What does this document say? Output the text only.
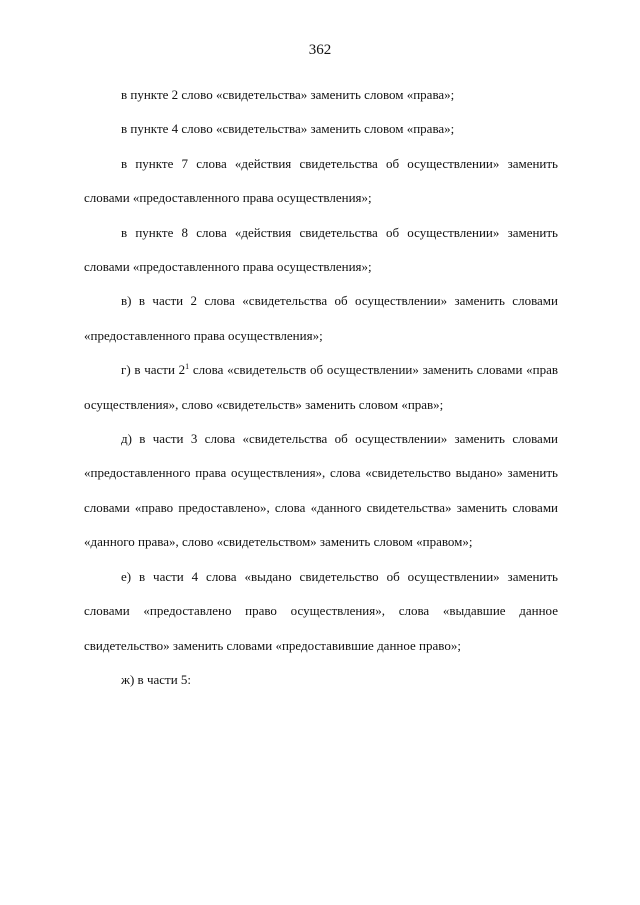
362

в пункте 2 слово «свидетельства» заменить словом «права»;

в пункте 4 слово «свидетельства» заменить словом «права»;

в пункте 7 слова «действия свидетельства об осуществлении» заменить словами «предоставленного права осуществления»;

в пункте 8 слова «действия свидетельства об осуществлении» заменить словами «предоставленного права осуществления»;

в) в части 2 слова «свидетельства об осуществлении» заменить словами «предоставленного права осуществления»;

г) в части $2^1$ слова «свидетельств об осуществлении» заменить словами «прав осуществления», слово «свидетельств» заменить словом «прав»;

д) в части 3 слова «свидетельства об осуществлении» заменить словами «предоставленного права осуществления», слова «свидетельство выдано» заменить словами «право предоставлено», слова «данного свидетельства» заменить словами «данного права», слово «свидетельством» заменить словом «правом»;

е) в части 4 слова «выдано свидетельство об осуществлении» заменить словами «предоставлено право осуществления», слова «выдавшие данное свидетельство» заменить словами «предоставившие данное право»;

ж) в части 5:
